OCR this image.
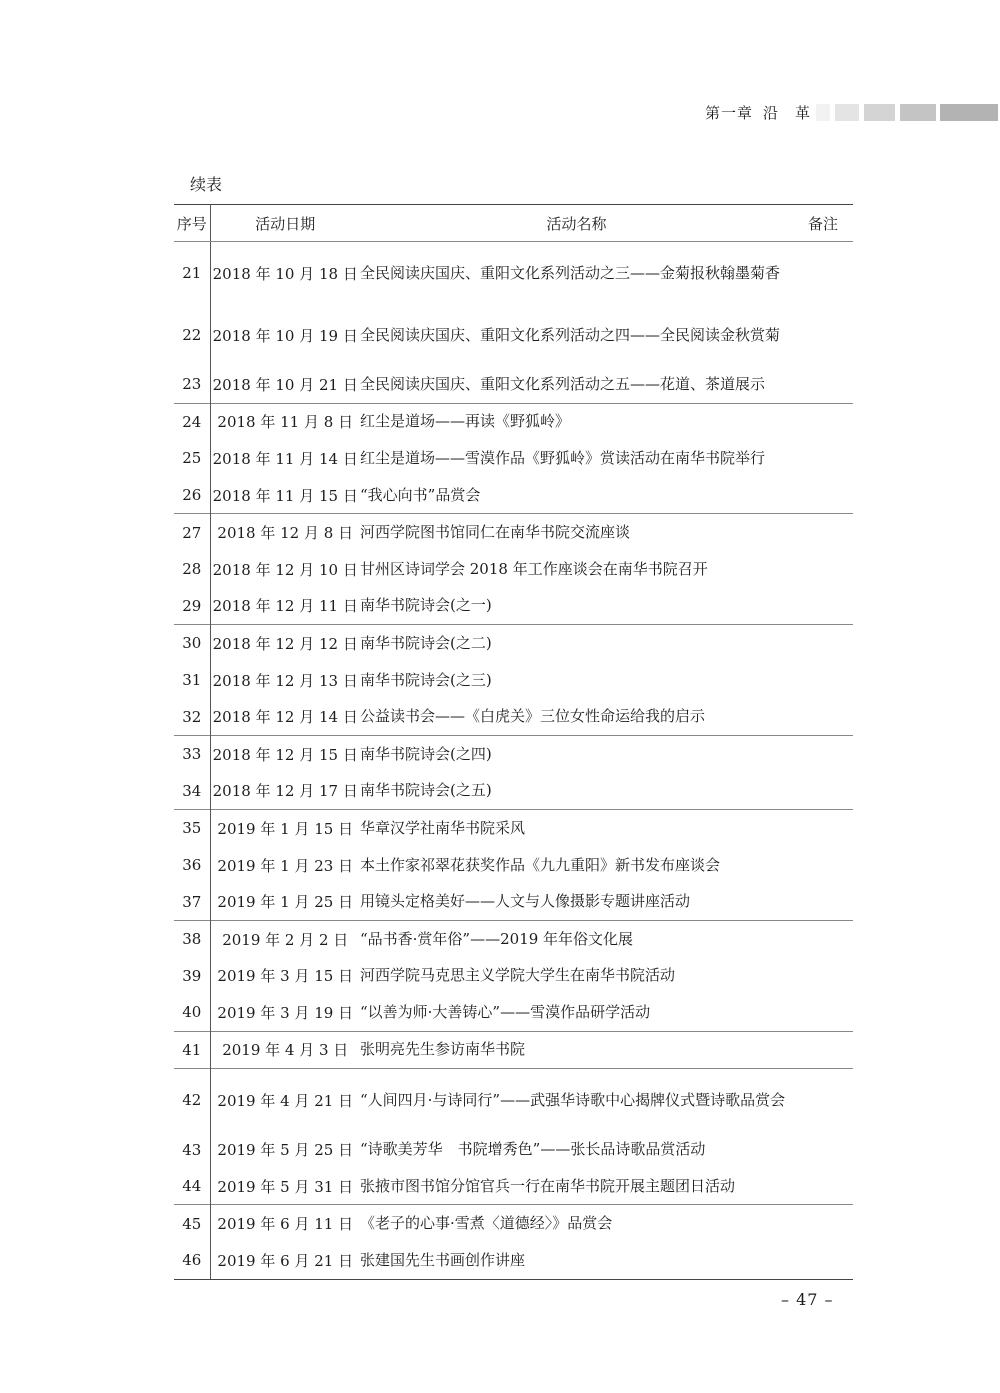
第一章 沿　革
续表
序号	活动日期	活动名称	备注
21	2018 年 10 月 18 日	全民阅读庆国庆、重阳文化系列活动之三——金菊报秋翰墨菊香	
22	2018 年 10 月 19 日	全民阅读庆国庆、重阳文化系列活动之四——全民阅读金秋赏菊	
23	2018 年 10 月 21 日	全民阅读庆国庆、重阳文化系列活动之五——花道、茶道展示	
24	2018 年 11 月 8 日	红尘是道场——再读《野狐岭》	
25	2018 年 11 月 14 日	红尘是道场——雪漠作品《野狐岭》赏读活动在南华书院举行	
26	2018 年 11 月 15 日	“我心向书”品赏会	
27	2018 年 12 月 8 日	河西学院图书馆同仁在南华书院交流座谈	
28	2018 年 12 月 10 日	甘州区诗词学会 2018 年工作座谈会在南华书院召开	
29	2018 年 12 月 11 日	南华书院诗会(之一)	
30	2018 年 12 月 12 日	南华书院诗会(之二)	
31	2018 年 12 月 13 日	南华书院诗会(之三)	
32	2018 年 12 月 14 日	公益读书会——《白虎关》三位女性命运给我的启示	
33	2018 年 12 月 15 日	南华书院诗会(之四)	
34	2018 年 12 月 17 日	南华书院诗会(之五)	
35	2019 年 1 月 15 日	华章汉学社南华书院采风	
36	2019 年 1 月 23 日	本土作家祁翠花获奖作品《九九重阳》新书发布座谈会	
37	2019 年 1 月 25 日	用镜头定格美好——人文与人像摄影专题讲座活动	
38	2019 年 2 月 2 日	“品书香·赏年俗”——2019 年年俗文化展	
39	2019 年 3 月 15 日	河西学院马克思主义学院大学生在南华书院活动	
40	2019 年 3 月 19 日	“以善为师·大善铸心”——雪漠作品研学活动	
41	2019 年 4 月 3 日	张明亮先生参访南华书院	
42	2019 年 4 月 21 日	“人间四月·与诗同行”——武强华诗歌中心揭牌仪式暨诗歌品赏会	
43	2019 年 5 月 25 日	“诗歌美芳华　书院增秀色”——张长品诗歌品赏活动	
44	2019 年 5 月 31 日	张掖市图书馆分馆官兵一行在南华书院开展主题团日活动	
45	2019 年 6 月 11 日	《老子的心事·雪煮〈道德经〉》品赏会	
46	2019 年 6 月 21 日	张建国先生书画创作讲座	
– 47 –
